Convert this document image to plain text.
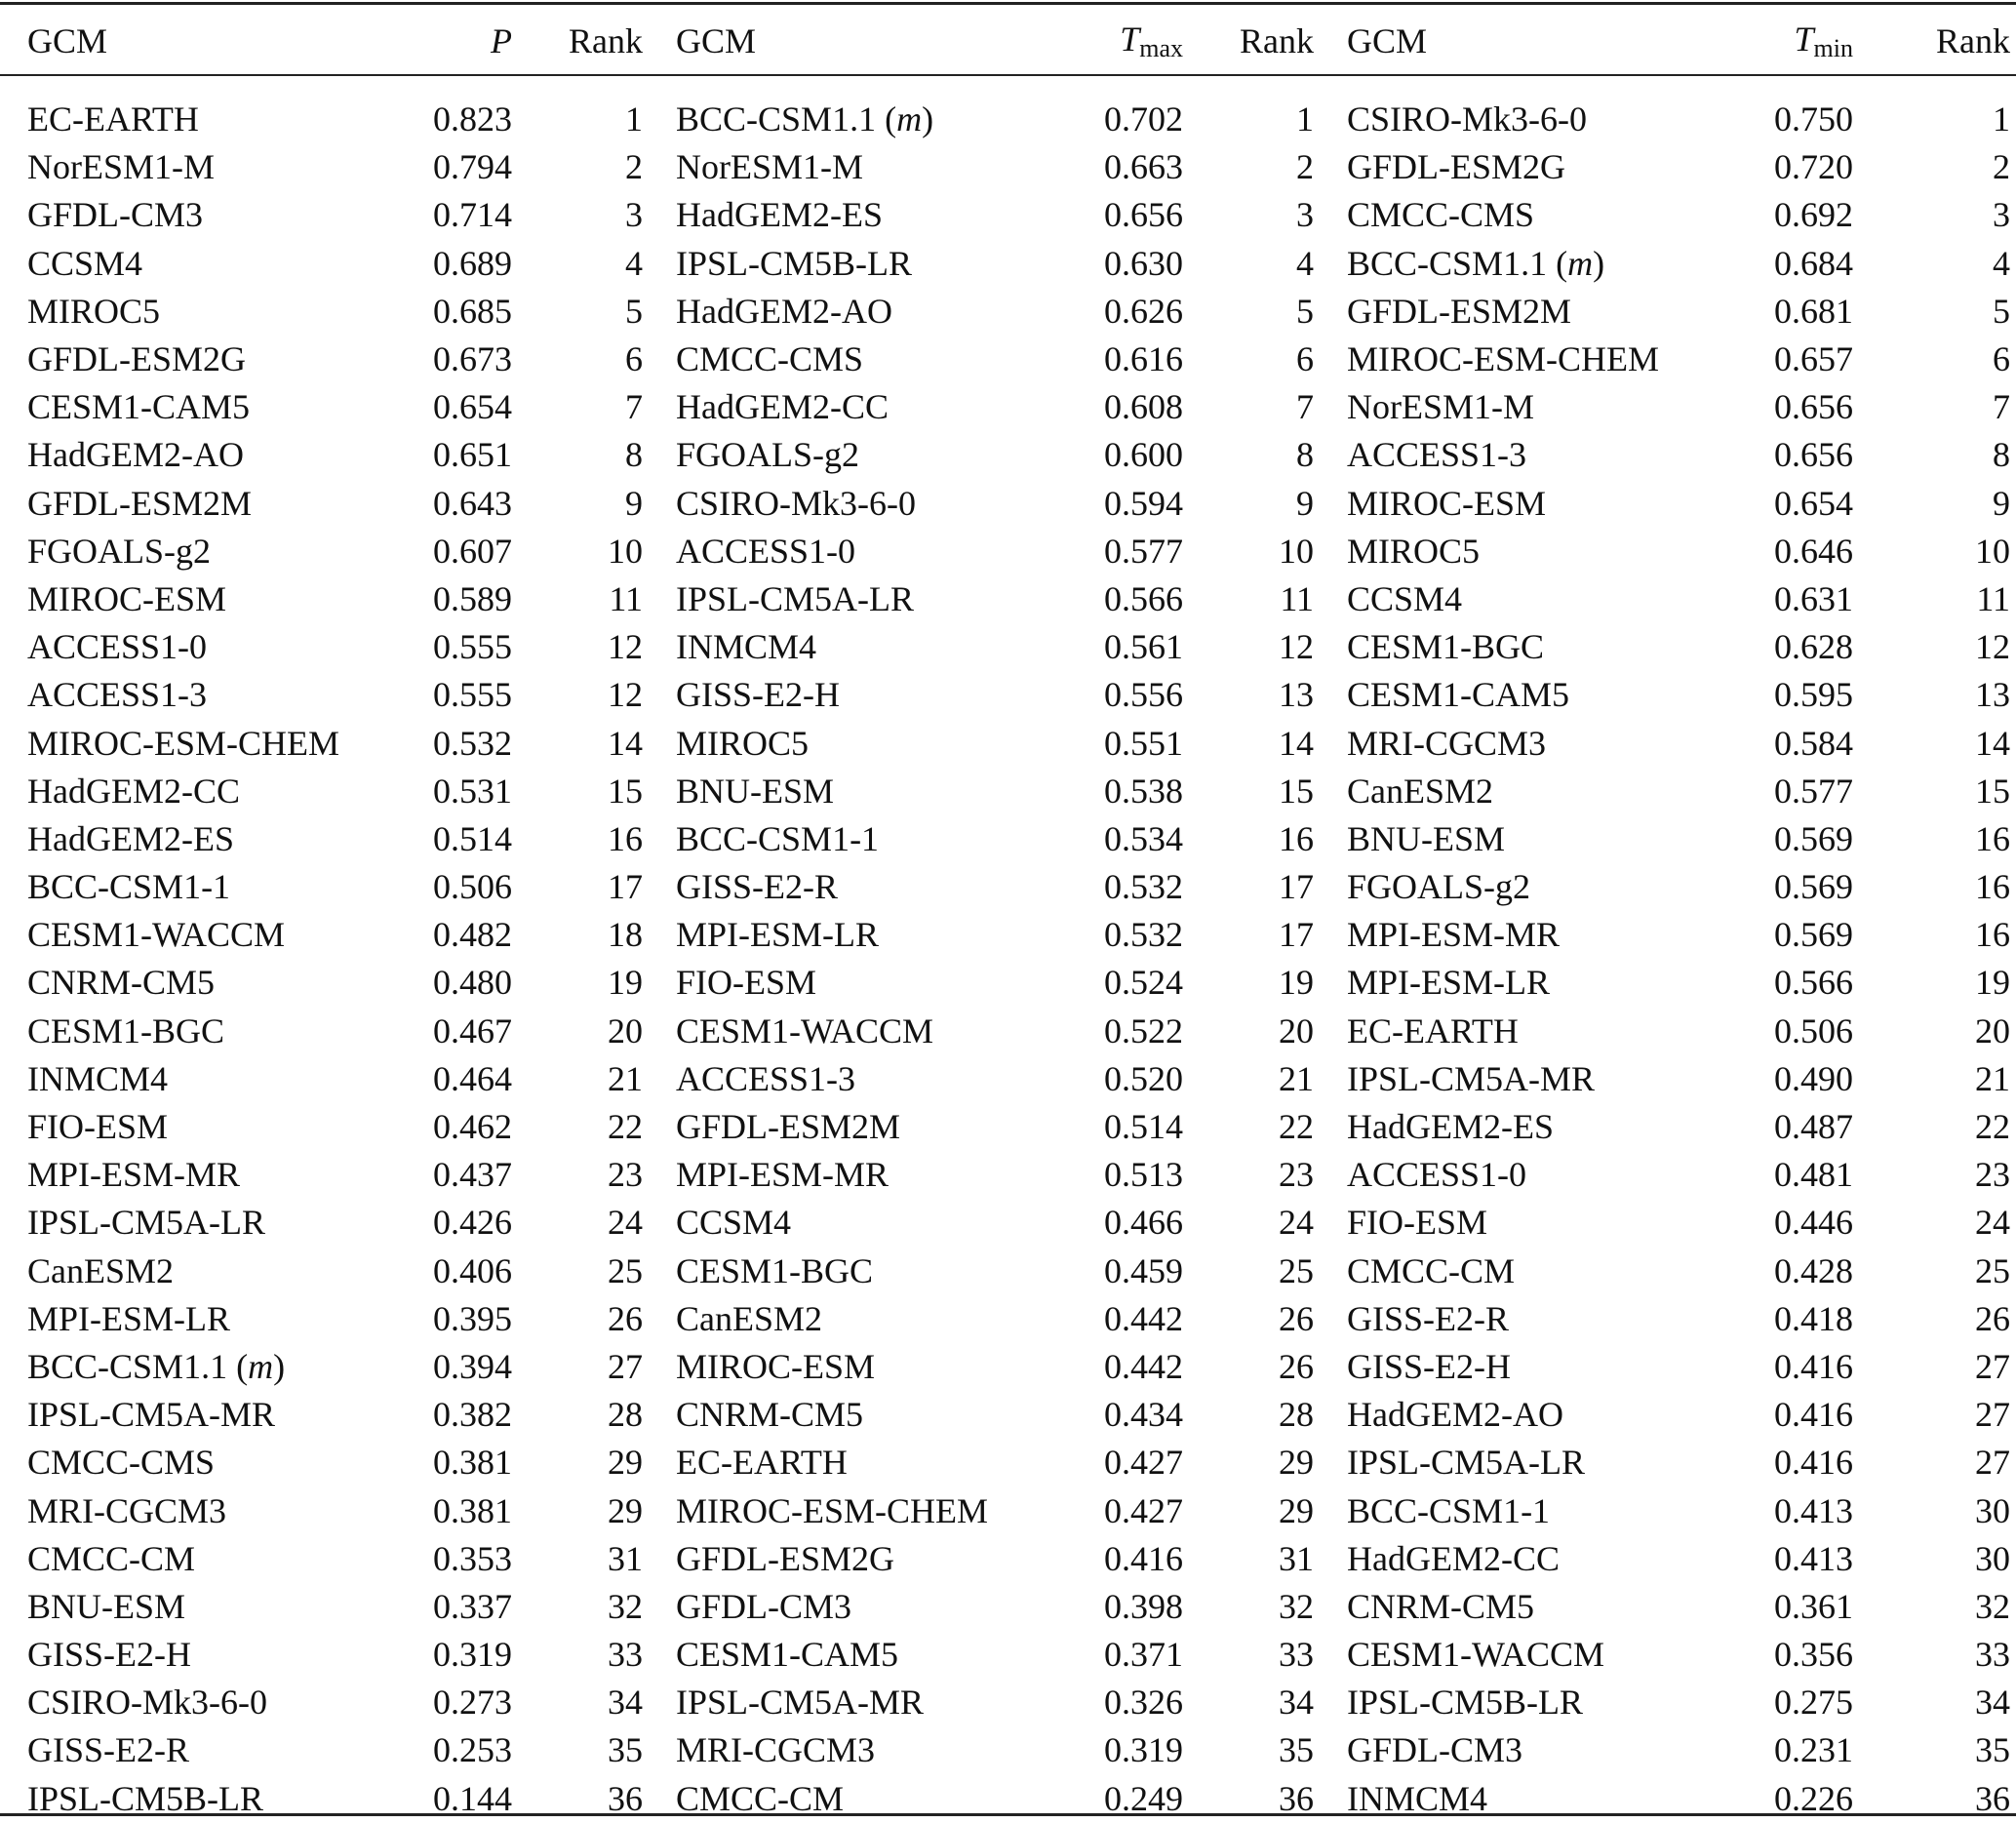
GCM	P	Rank	GCM	$T_{max}$	Rank	GCM	$T_{min}$	Rank

EC-EARTH	0.823	1	BCC-CSM1.1 (m)	0.702	1	CSIRO-Mk3-6-0	0.750	1
NorESM1-M	0.794	2	NorESM1-M	0.663	2	GFDL-ESM2G	0.720	2
GFDL-CM3	0.714	3	HadGEM2-ES	0.656	3	CMCC-CMS	0.692	3
CCSM4	0.689	4	IPSL-CM5B-LR	0.630	4	BCC-CSM1.1 (m)	0.684	4
MIROC5	0.685	5	HadGEM2-AO	0.626	5	GFDL-ESM2M	0.681	5
GFDL-ESM2G	0.673	6	CMCC-CMS	0.616	6	MIROC-ESM-CHEM	0.657	6
CESM1-CAM5	0.654	7	HadGEM2-CC	0.608	7	NorESM1-M	0.656	7
HadGEM2-AO	0.651	8	FGOALS-g2	0.600	8	ACCESS1-3	0.656	8
GFDL-ESM2M	0.643	9	CSIRO-Mk3-6-0	0.594	9	MIROC-ESM	0.654	9
FGOALS-g2	0.607	10	ACCESS1-0	0.577	10	MIROC5	0.646	10
MIROC-ESM	0.589	11	IPSL-CM5A-LR	0.566	11	CCSM4	0.631	11
ACCESS1-0	0.555	12	INMCM4	0.561	12	CESM1-BGC	0.628	12
ACCESS1-3	0.555	12	GISS-E2-H	0.556	13	CESM1-CAM5	0.595	13
MIROC-ESM-CHEM	0.532	14	MIROC5	0.551	14	MRI-CGCM3	0.584	14
HadGEM2-CC	0.531	15	BNU-ESM	0.538	15	CanESM2	0.577	15
HadGEM2-ES	0.514	16	BCC-CSM1-1	0.534	16	BNU-ESM	0.569	16
BCC-CSM1-1	0.506	17	GISS-E2-R	0.532	17	FGOALS-g2	0.569	16
CESM1-WACCM	0.482	18	MPI-ESM-LR	0.532	17	MPI-ESM-MR	0.569	16
CNRM-CM5	0.480	19	FIO-ESM	0.524	19	MPI-ESM-LR	0.566	19
CESM1-BGC	0.467	20	CESM1-WACCM	0.522	20	EC-EARTH	0.506	20
INMCM4	0.464	21	ACCESS1-3	0.520	21	IPSL-CM5A-MR	0.490	21
FIO-ESM	0.462	22	GFDL-ESM2M	0.514	22	HadGEM2-ES	0.487	22
MPI-ESM-MR	0.437	23	MPI-ESM-MR	0.513	23	ACCESS1-0	0.481	23
IPSL-CM5A-LR	0.426	24	CCSM4	0.466	24	FIO-ESM	0.446	24
CanESM2	0.406	25	CESM1-BGC	0.459	25	CMCC-CM	0.428	25
MPI-ESM-LR	0.395	26	CanESM2	0.442	26	GISS-E2-R	0.418	26
BCC-CSM1.1 (m)	0.394	27	MIROC-ESM	0.442	26	GISS-E2-H	0.416	27
IPSL-CM5A-MR	0.382	28	CNRM-CM5	0.434	28	HadGEM2-AO	0.416	27
CMCC-CMS	0.381	29	EC-EARTH	0.427	29	IPSL-CM5A-LR	0.416	27
MRI-CGCM3	0.381	29	MIROC-ESM-CHEM	0.427	29	BCC-CSM1-1	0.413	30
CMCC-CM	0.353	31	GFDL-ESM2G	0.416	31	HadGEM2-CC	0.413	30
BNU-ESM	0.337	32	GFDL-CM3	0.398	32	CNRM-CM5	0.361	32
GISS-E2-H	0.319	33	CESM1-CAM5	0.371	33	CESM1-WACCM	0.356	33
CSIRO-Mk3-6-0	0.273	34	IPSL-CM5A-MR	0.326	34	IPSL-CM5B-LR	0.275	34
GISS-E2-R	0.253	35	MRI-CGCM3	0.319	35	GFDL-CM3	0.231	35
IPSL-CM5B-LR	0.144	36	CMCC-CM	0.249	36	INMCM4	0.226	36
